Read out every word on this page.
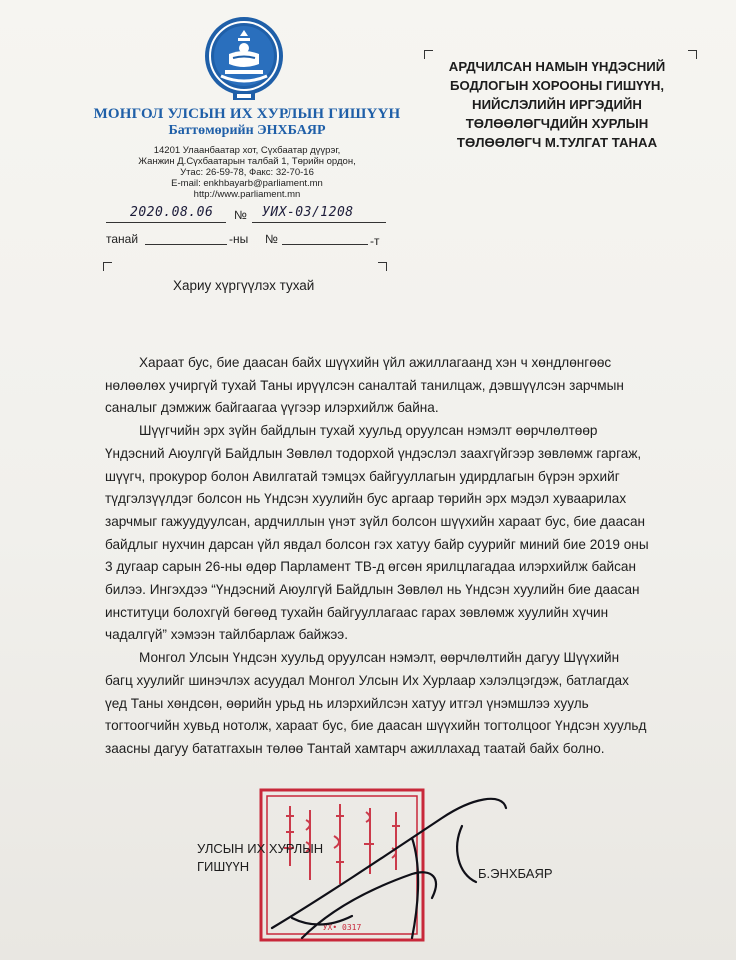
МОНГОЛ УЛСЫН ИХ ХУРЛЫН ГИШҮҮН
Баттөмөрийн ЭНХБАЯР
14201 Улаанбаатар хот, Сүхбаатар дүүрэг,
Жанжин Д.Сүхбаатарын талбай 1, Төрийн ордон,
Утас: 26-59-78, Факс: 32-70-16
E-mail: enkhbayarb@parliament.mn
http://www.parliament.mn
2020.08.06 № УИХ-03/1208
танай	-ны №	-т
АРДЧИЛСАН НАМЫН ҮНДЭСНИЙ
БОДЛОГЫН ХОРООНЫ ГИШҮҮН,
НИЙСЛЭЛИЙН ИРГЭДИЙН
ТӨЛӨӨЛӨГЧДИЙН ХУРЛЫН
ТӨЛӨӨЛӨГЧ М.ТУЛГАТ ТАНАА
Хариу хүргүүлэх тухай
Хараат бус, бие даасан байх шүүхийн үйл ажиллагаанд хэн ч хөндлөнгөөс
нөлөөлөх учиргүй тухай Таны ирүүлсэн саналтай танилцаж, дэвшүүлсэн зарчмын
саналыг дэмжиж байгаагаа үүгээр илэрхийлж байна.
Шүүгчийн эрх зүйн байдлын тухай хуульд оруулсан нэмэлт өөрчлөлтөөр
Үндэсний Аюулгүй Байдлын Зөвлөл тодорхой үндэслэл заахгүйгээр зөвлөмж гаргаж,
шүүгч, прокурор болон Авилгатай тэмцэх байгууллагын удирдлагын бүрэн эрхийг
түдгэлзүүлдэг болсон нь Үндсэн хуулийн бус аргаар төрийн эрх мэдэл хуваарилах
зарчмыг гажуудуулсан, ардчиллын үнэт зүйл болсон шүүхийн хараат бус, бие даасан
байдлыг нухчин дарсан үйл явдал болсон гэх хатуу байр суурийг миний бие 2019 оны
3 дугаар сарын 26-ны өдөр Парламент ТВ-д өгсөн ярилцлагадаа илэрхийлж байсан
билээ. Ингэхдээ “Үндэсний Аюулгүй Байдлын Зөвлөл нь Үндсэн хуулийн бие даасан
институци болохгүй бөгөөд тухайн байгууллагаас гарах зөвлөмж хуулийн хүчин
чадалгүй” хэмээн тайлбарлаж байжээ.
Монгол Улсын Үндсэн хуульд оруулсан нэмэлт, өөрчлөлтийн дагуу Шүүхийн
багц хуулийг шинэчлэх асуудал Монгол Улсын Их Хурлаар хэлэлцэгдэж, батлагдах
үед Таны хөндсөн, өөрийн урьд нь илэрхийлсэн хатуу итгэл үнэмшлээ хууль
тогтоогчийн хувьд нотолж, хараат бус, бие даасан шүүхийн тогтолцоог Үндсэн хуульд
заасны дагуу бататгахын төлөө Тантай хамтарч ажиллахад таатай байх болно.
УХ• 0317
УЛСЫН ИХ ХУРЛЫН
ГИШҮҮН	Б.ЭНХБАЯР
